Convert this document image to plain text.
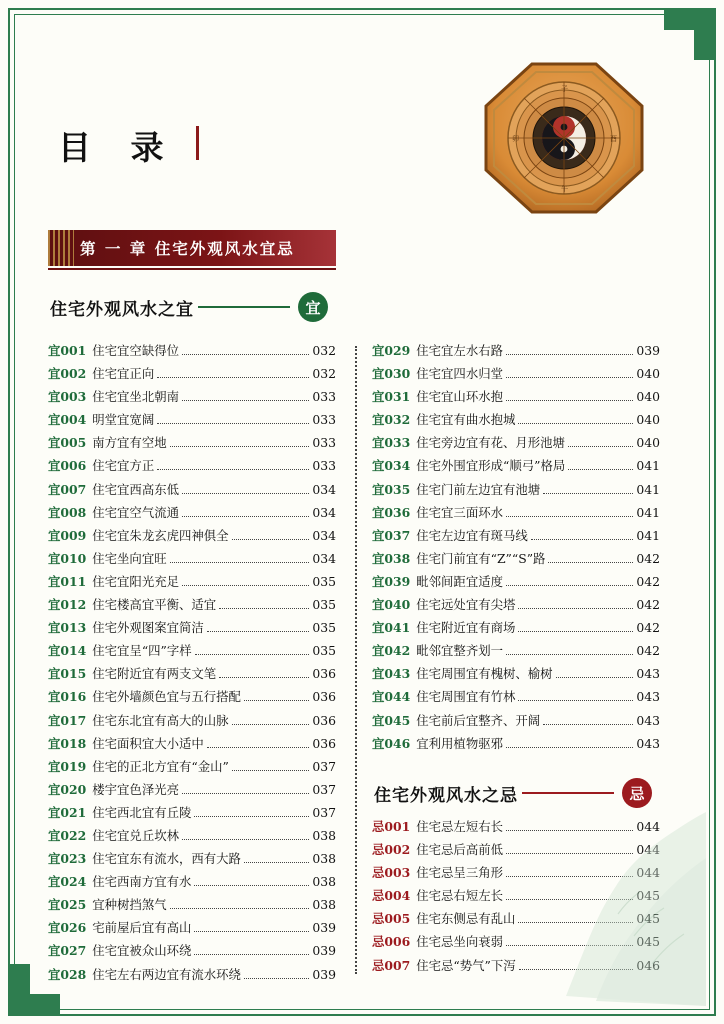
目 录
子
午
卯	酉
第 一 章 住宅外观风水宜忌
住宅外观风水之宜	宜
住宅外观风水之忌	忌
宜001 住宅宜空缺得位	032
宜002 住宅宜正向	032
宜003 住宅宜坐北朝南	033
宜004 明堂宜宽阔	033
宜005 南方宜有空地	033
宜006 住宅宜方正	033
宜007 住宅宜西高东低	034
宜008 住宅宜空气流通	034
宜009 住宅宜朱龙玄虎四神俱全	034
宜010 住宅坐向宜旺	034
宜011 住宅宜阳光充足	035
宜012 住宅楼高宜平衡、适宜	035
宜013 住宅外观图案宜简洁	035
宜014 住宅宜呈“四”字样	035
宜015 住宅附近宜有两支文笔	036
宜016 住宅外墙颜色宜与五行搭配	036
宜017 住宅东北宜有高大的山脉	036
宜018 住宅面积宜大小适中	036
宜019 住宅的正北方宜有“金山”	037
宜020 楼宇宜色泽光亮	037
宜021 住宅西北宜有丘陵	037
宜022 住宅宜兑丘坎林	038
宜023 住宅宜东有流水，西有大路	038
宜024 住宅西南方宜有水	038
宜025 宜种树挡煞气	038
宜026 宅前屋后宜有高山	039
宜027 住宅宜被众山环绕	039
宜028 住宅左右两边宜有流水环绕	039
宜029 住宅宜左水右路	039
宜030 住宅宜四水归堂	040
宜031 住宅宜山环水抱	040
宜032 住宅宜有曲水抱城	040
宜033 住宅旁边宜有花、月形池塘	040
宜034 住宅外围宜形成“顺弓”格局	041
宜035 住宅门前左边宜有池塘	041
宜036 住宅宜三面环水	041
宜037 住宅左边宜有斑马线	041
宜038 住宅门前宜有“Z”“S”路	042
宜039 毗邻间距宜适度	042
宜040 住宅远处宜有尖塔	042
宜041 住宅附近宜有商场	042
宜042 毗邻宜整齐划一	042
宜043 住宅周围宜有槐树、榆树	043
宜044 住宅周围宜有竹林	043
宜045 住宅前后宜整齐、开阔	043
宜046 宜利用植物驱邪	043
忌001 住宅忌左短右长	044
忌002 住宅忌后高前低	044
忌003 住宅忌呈三角形	044
忌004 住宅忌右短左长	045
忌005 住宅东侧忌有乱山	045
忌006 住宅忌坐向衰弱	045
忌007 住宅忌“势气”下泻	046
